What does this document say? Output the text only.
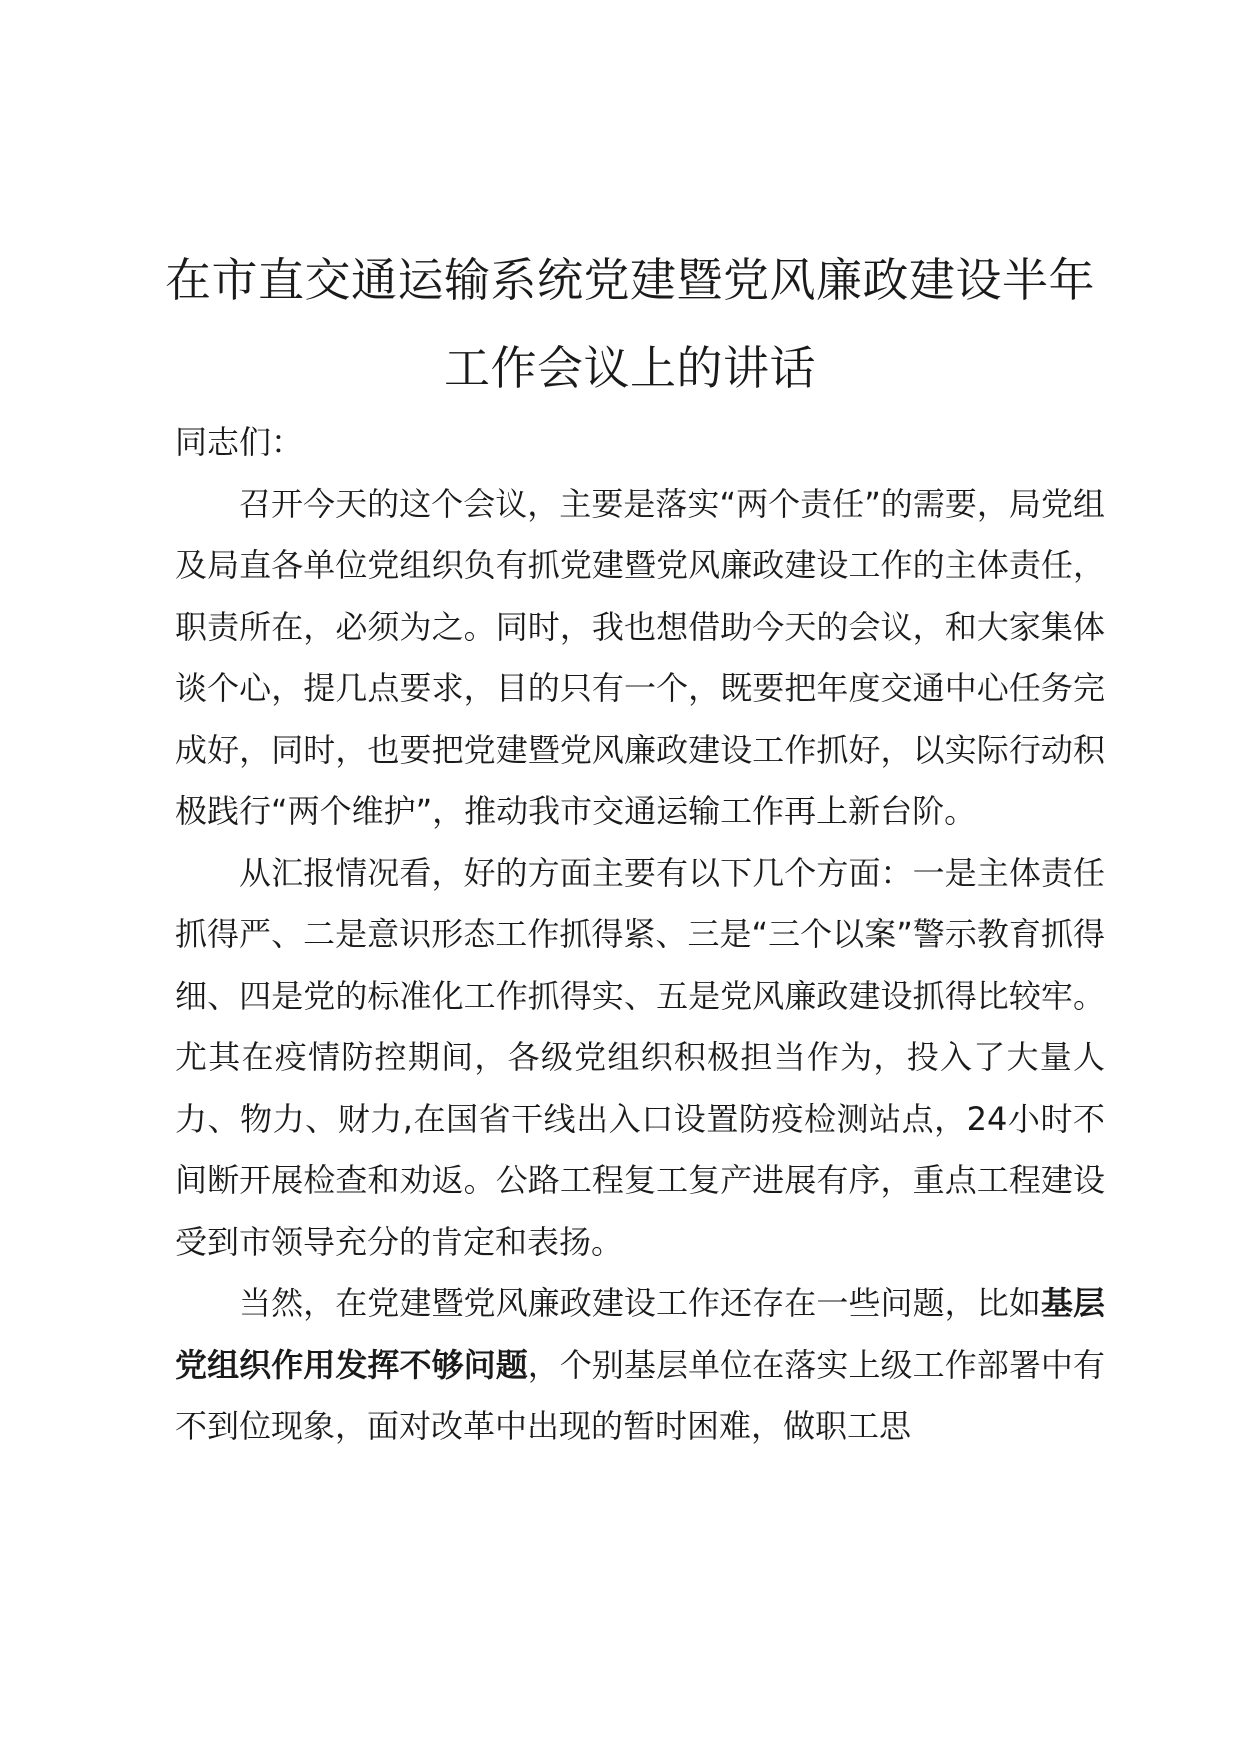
在市直交通运输系统党建暨党风廉政建设半年工作会议上的讲话

同志们：

召开今天的这个会议，主要是落实“两个责任”的需要，局党组及局直各单位党组织负有抓党建暨党风廉政建设工作的主体责任，职责所在，必须为之。同时，我也想借助今天的会议，和大家集体谈个心，提几点要求，目的只有一个，既要把年度交通中心任务完成好，同时，也要把党建暨党风廉政建设工作抓好，以实际行动积极践行“两个维护”，推动我市交通运输工作再上新台阶。

从汇报情况看，好的方面主要有以下几个方面：一是主体责任抓得严、二是意识形态工作抓得紧、三是“三个以案”警示教育抓得细、四是党的标准化工作抓得实、五是党风廉政建设抓得比较牢。尤其在疫情防控期间，各级党组织积极担当作为，投入了大量人力、物力、财力,在国省干线出入口设置防疫检测站点，24小时不间断开展检查和劝返。公路工程复工复产进展有序，重点工程建设受到市领导充分的肯定和表扬。

当然，在党建暨党风廉政建设工作还存在一些问题，比如基层党组织作用发挥不够问题，个别基层单位在落实上级工作部署中有不到位现象，面对改革中出现的暂时困难，做职工思
